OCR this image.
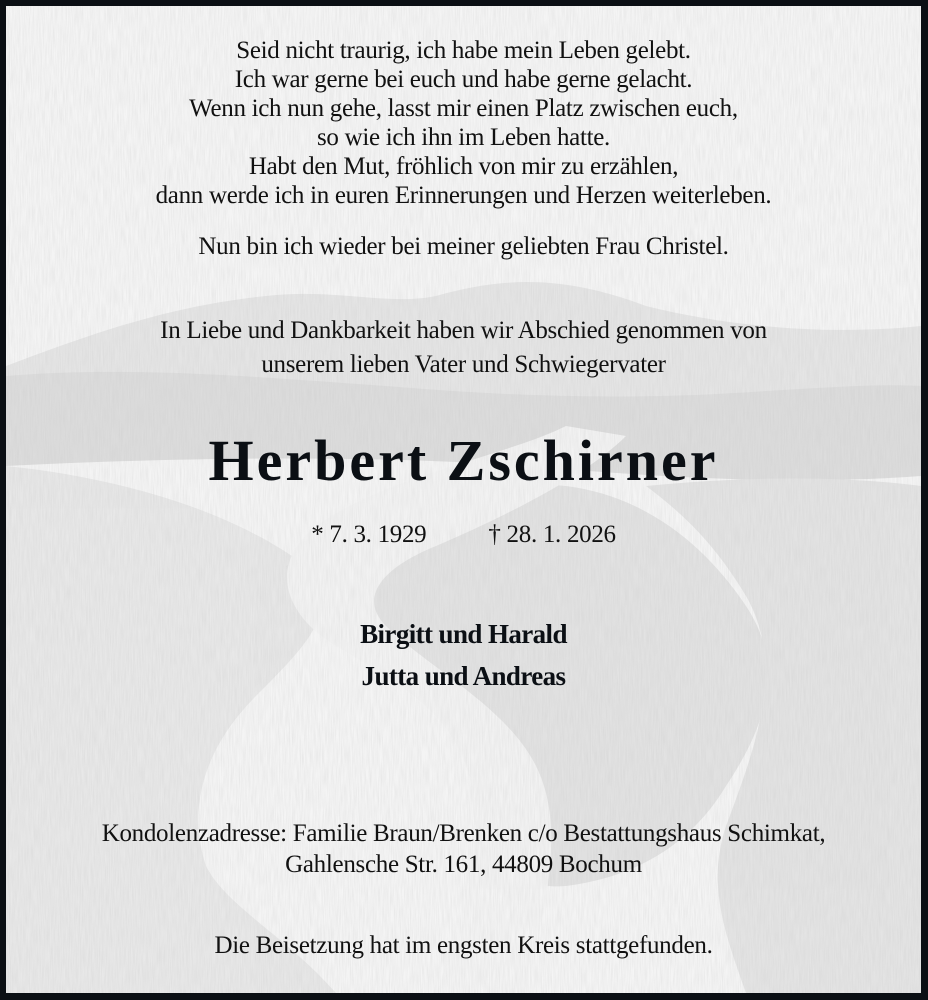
Seid nicht traurig, ich habe mein Leben gelebt.
Ich war gerne bei euch und habe gerne gelacht.
Wenn ich nun gehe, lasst mir einen Platz zwischen euch,
so wie ich ihn im Leben hatte.
Habt den Mut, fröhlich von mir zu erzählen,
dann werde ich in euren Erinnerungen und Herzen weiterleben.
Nun bin ich wieder bei meiner geliebten Frau Christel.
In Liebe und Dankbarkeit haben wir Abschied genommen von
unserem lieben Vater und Schwiegervater
Herbert Zschirner
* 7. 3. 1929 † 28. 1. 2026
Birgitt und Harald
Jutta und Andreas
Kondolenzadresse: Familie Braun/Brenken c/o Bestattungshaus Schimkat,
Gahlensche Str. 161, 44809 Bochum
Die Beisetzung hat im engsten Kreis stattgefunden.
